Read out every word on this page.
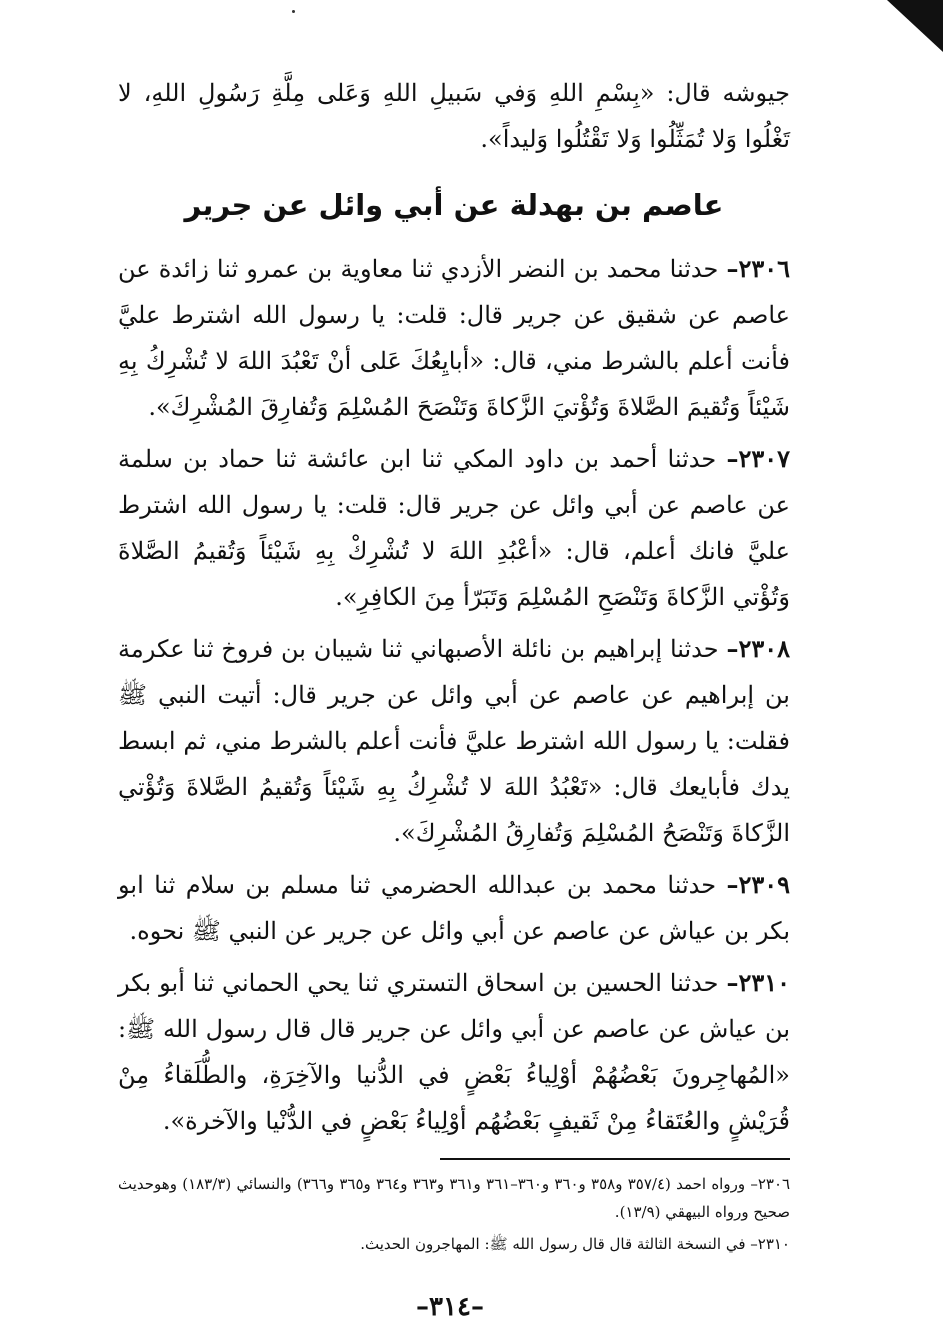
جيوشه قال: «بِسْمِ اللهِ وَفي سَبيلِ اللهِ وَعَلى مِلَّةِ رَسُولِ اللهِ، لا تَغْلُوا وَلا تُمَثِّلُوا وَلا تَقْتُلُوا وَليداً».

عاصم بن بهدلة عن أبي وائل عن جرير

٢٣٠٦– حدثنا محمد بن النضر الأزدي ثنا معاوية بن عمرو ثنا زائدة عن عاصم عن شقيق عن جرير قال: قلت: يا رسول الله اشترط عليَّ فأنت أعلم بالشرط مني، قال: «أبايِعُكَ عَلى أنْ تَعْبُدَ اللهَ لا تُشْرِكُ بِهِ شَيْئاً وَتُقيمَ الصَّلاةَ وَتُؤْتيَ الزَّكاةَ وَتَنْصَحَ المُسْلِمَ وَتُفارِقَ المُشْرِكَ».

٢٣٠٧– حدثنا أحمد بن داود المكي ثنا ابن عائشة ثنا حماد بن سلمة عن عاصم عن أبي وائل عن جرير قال: قلت: يا رسول الله اشترط عليَّ فانك أعلم، قال: «أعْبُدِ اللهَ لا تُشْرِكْ بِهِ شَيْئاً وَتُقيمُ الصَّلاةَ وَتُؤْتي الزَّكاةَ وَتَنْصَحِ المُسْلِمَ وَتَبَرّأ مِنَ الكافِرِ».

٢٣٠٨– حدثنا إبراهيم بن نائلة الأصبهاني ثنا شيبان بن فروخ ثنا عكرمة بن إبراهيم عن عاصم عن أبي وائل عن جرير قال: أتيت النبي ﷺ فقلت: يا رسول الله اشترط عليَّ فأنت أعلم بالشرط مني، ثم ابسط يدك فأبايعك قال: «تَعْبُدُ اللهَ لا تُشْرِكُ بِهِ شَيْئاً وَتُقيمُ الصَّلاةَ وَتُؤْتي الزَّكاةَ وَتَنْصَحُ المُسْلِمَ وَتُفارِقُ المُشْرِكَ».

٢٣٠٩– حدثنا محمد بن عبدالله الحضرمي ثنا مسلم بن سلام ثنا ابو بكر بن عياش عن عاصم عن أبي وائل عن جرير عن النبي ﷺ نحوه.

٢٣١٠– حدثنا الحسين بن اسحاق التستري ثنا يحي الحماني ثنا أبو بكر بن عياش عن عاصم عن أبي وائل عن جرير قال قال رسول الله ﷺ: «المُهاجِرونَ بَعْضُهُمْ أوْلِياءُ بَعْضٍ في الدُّنيا والآخِرَةِ، والطُّلَقاءُ مِنْ قُرَيْشٍ والعُتَقاءُ مِنْ ثَقيفٍ بَعْضُهُم أوْلِياءُ بَعْضٍ في الدُّنْيا والآخرة».

٢٣٠٦– ورواه احمد (٣٥٧/٤ و٣٥٨ و٣٦٠ و٣٦٠–٣٦١ و٣٦١ و٣٦٣ و٣٦٤ و٣٦٥ و٣٦٦) والنسائي (١٨٣/٣) وهوحديث صحيح ورواه البيهقي (١٣/٩).

٢٣١٠– في النسخة الثالثة قال قال رسول الله ﷺ: المهاجرون الحديث.

–٣١٤–
